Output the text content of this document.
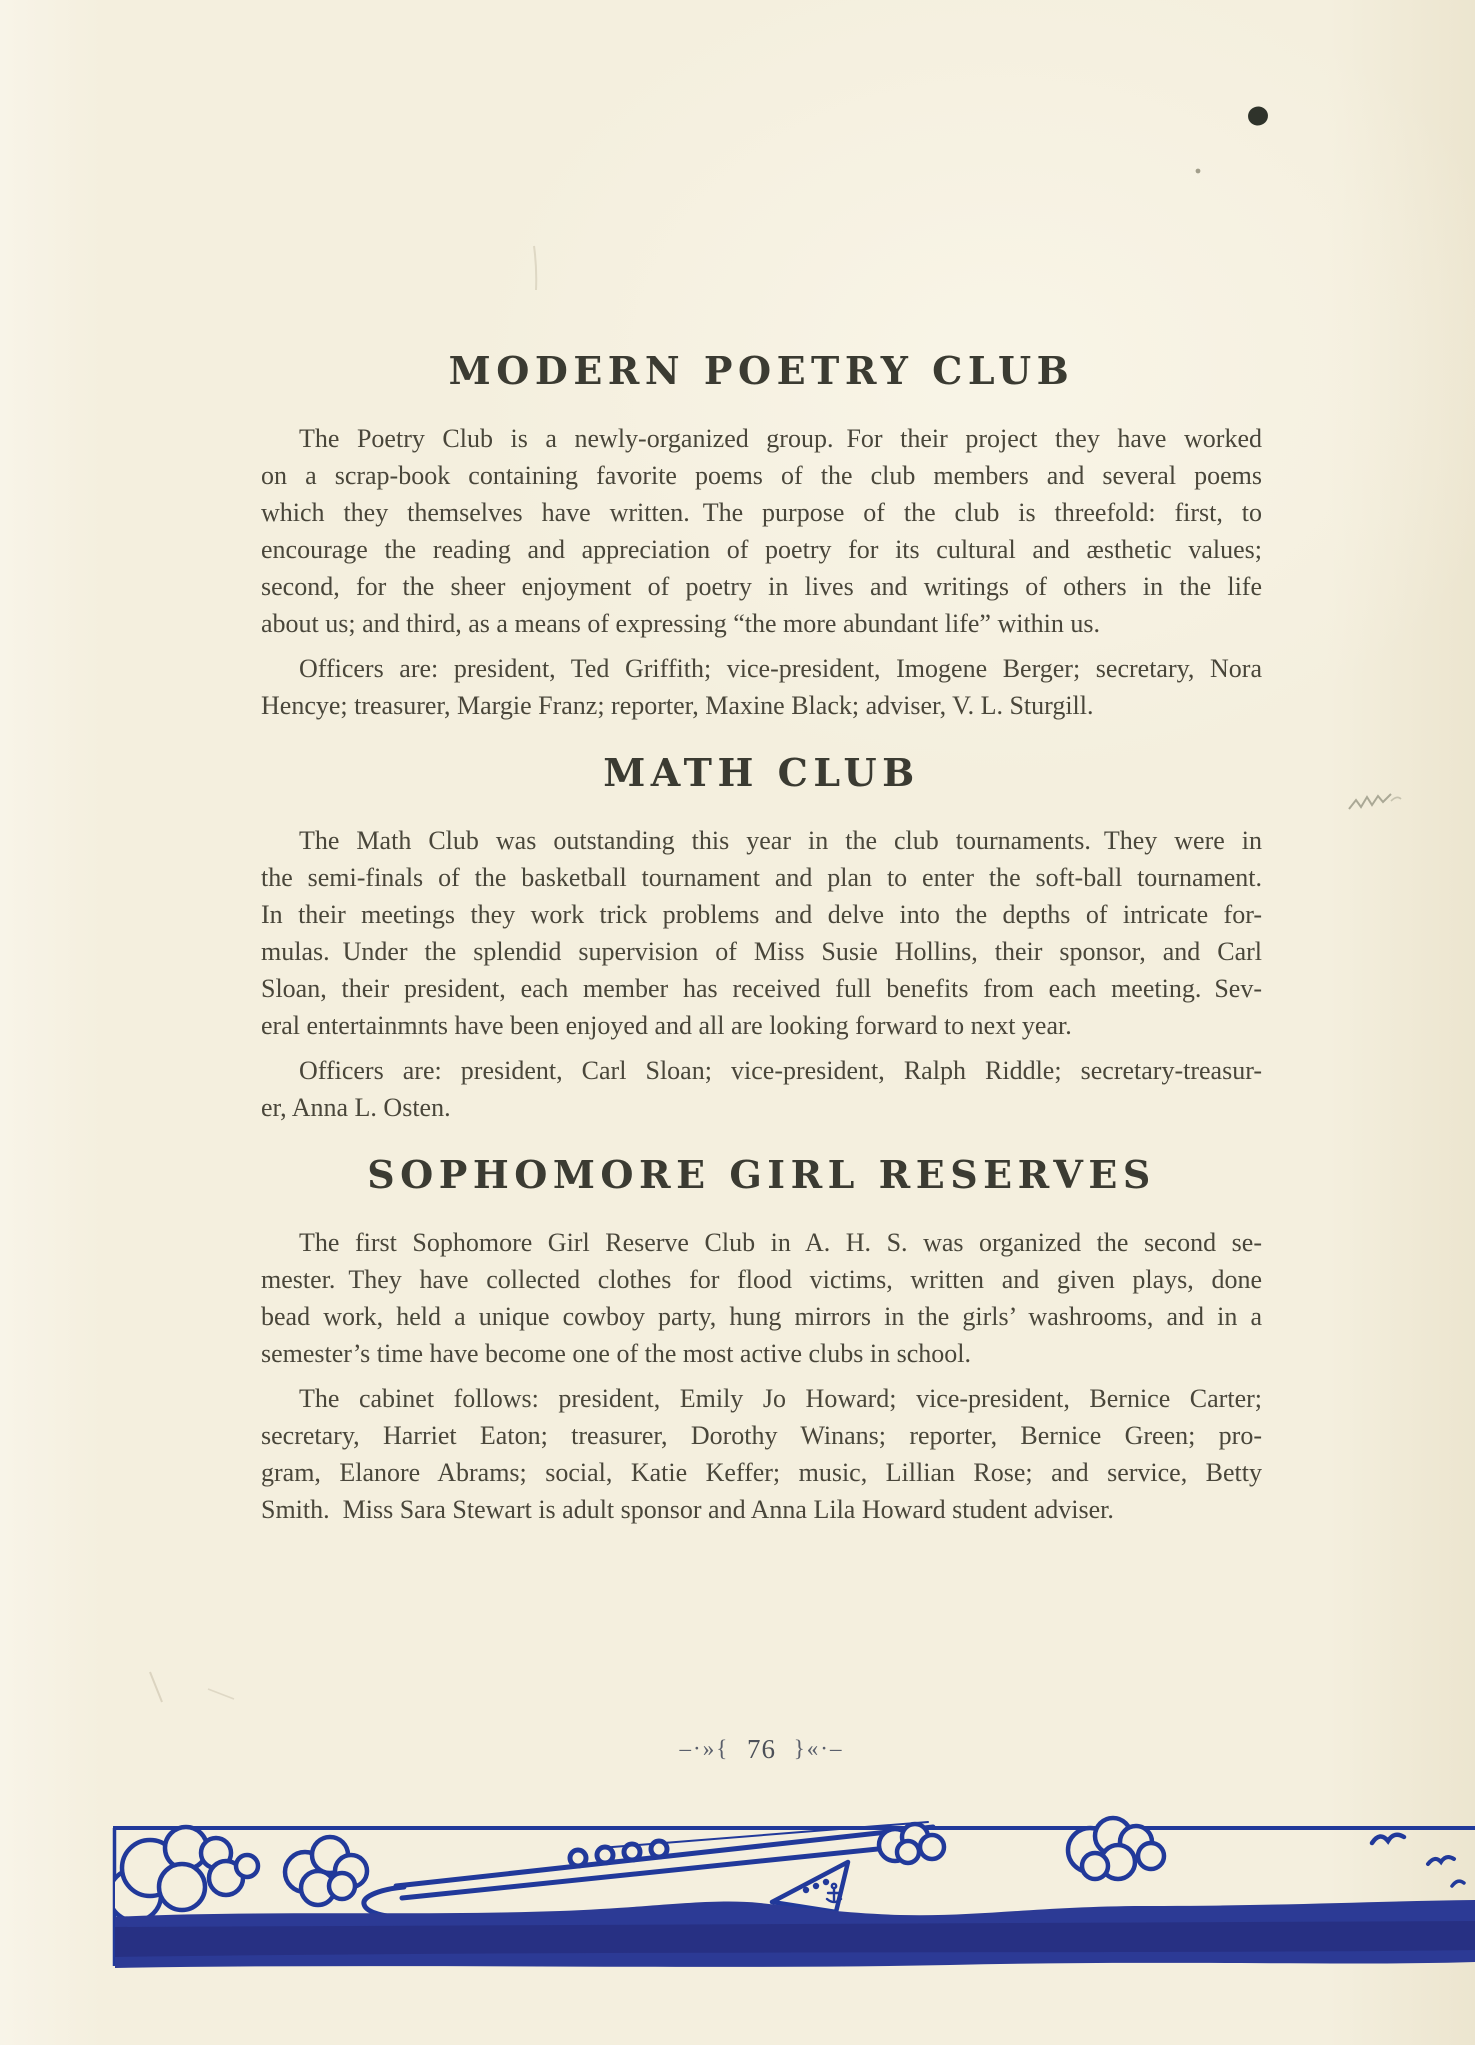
MODERN POETRY CLUB
The Poetry Club is a newly-organized group. For their project they have worked
on a scrap-book containing favorite poems of the club members and several poems
which they themselves have written. The purpose of the club is threefold: first, to
encourage the reading and appreciation of poetry for its cultural and æsthetic values;
second, for the sheer enjoyment of poetry in lives and writings of others in the life
about us; and third, as a means of expressing “the more abundant life” within us.
Officers are: president, Ted Griffith; vice-president, Imogene Berger; secretary, Nora
Hencye; treasurer, Margie Franz; reporter, Maxine Black; adviser, V. L. Sturgill.
MATH CLUB
The Math Club was outstanding this year in the club tournaments. They were in
the semi-finals of the basketball tournament and plan to enter the soft-ball tournament.
In their meetings they work trick problems and delve into the depths of intricate for-
mulas. Under the splendid supervision of Miss Susie Hollins, their sponsor, and Carl
Sloan, their president, each member has received full benefits from each meeting. Sev-
eral entertainmnts have been enjoyed and all are looking forward to next year.
Officers are: president, Carl Sloan; vice-president, Ralph Riddle; secretary-treasur-
er, Anna L. Osten.
SOPHOMORE GIRL RESERVES
The first Sophomore Girl Reserve Club in A. H. S. was organized the second se-
mester. They have collected clothes for flood victims, written and given plays, done
bead work, held a unique cowboy party, hung mirrors in the girls’ washrooms, and in a
semester’s time have become one of the most active clubs in school.
The cabinet follows: president, Emily Jo Howard; vice-president, Bernice Carter;
secretary, Harriet Eaton; treasurer, Dorothy Winans; reporter, Bernice Green; pro-
gram, Elanore Abrams; social, Katie Keffer; music, Lillian Rose; and service, Betty
Smith. Miss Sara Stewart is adult sponsor and Anna Lila Howard student adviser.
–·»{ 76 }«·–
